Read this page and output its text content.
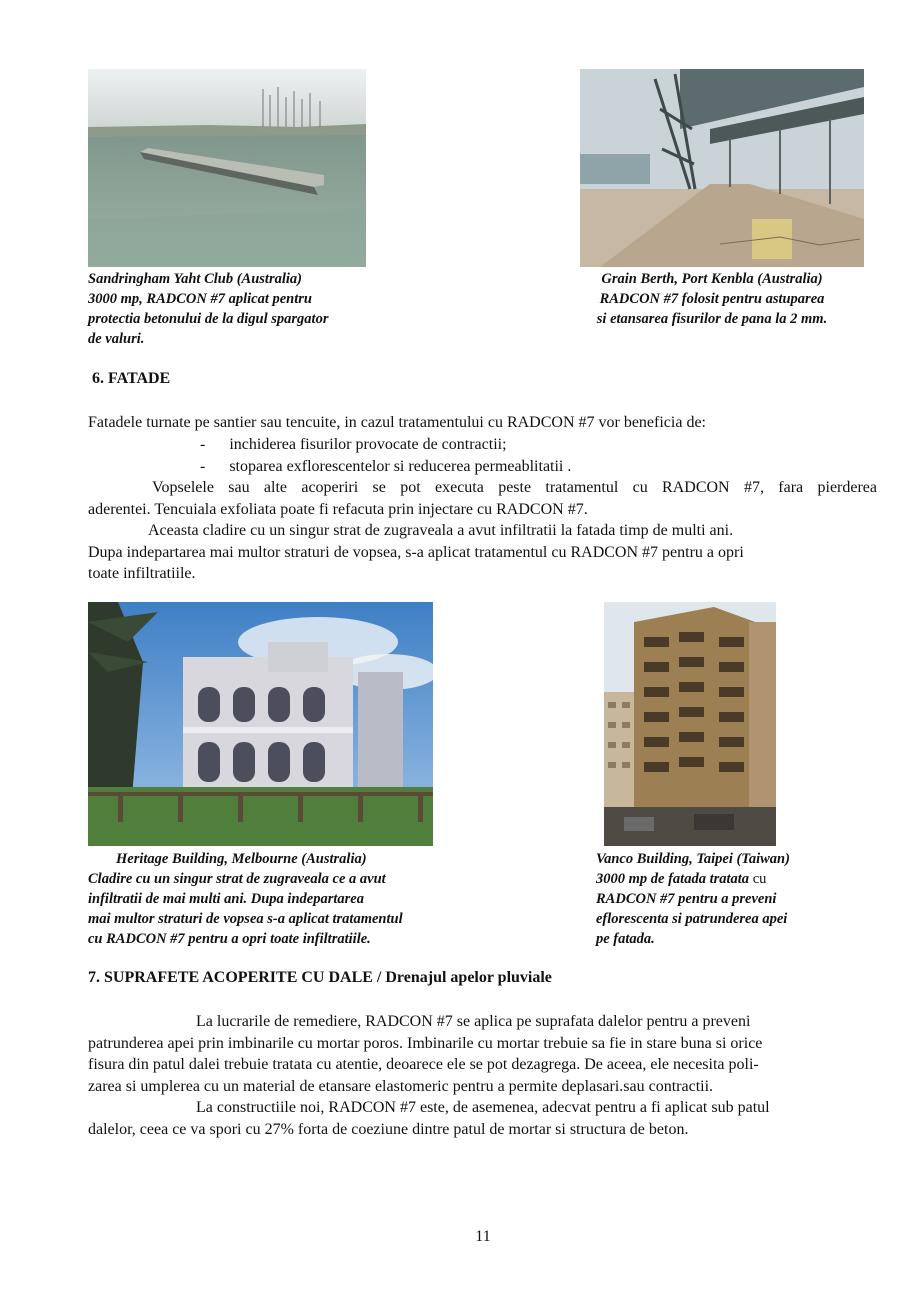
Sandringham Yaht Club (Australia)
3000 mp, RADCON #7 aplicat pentru
protectia betonului de la digul spargator
de valuri.
Grain Berth, Port Kenbla (Australia)
RADCON #7 folosit pentru astuparea
si etansarea fisurilor de pana la 2 mm.
6. FATADE
Fatadele turnate pe santier sau tencuite, in cazul tratamentului cu RADCON #7 vor beneficia de:
- inchiderea fisurilor provocate de contractii;
- stoparea exflorescentelor si reducerea permeablitatii .
Vopselele sau alte acoperiri se pot executa peste tratamentul cu RADCON #7, fara pierderea
aderentei. Tencuiala exfoliata poate fi refacuta prin injectare cu RADCON #7.
Aceasta cladire cu un singur strat de zugraveala a avut infiltratii la fatada timp de multi ani.
Dupa indepartarea mai multor straturi de vopsea, s-a aplicat tratamentul cu RADCON #7 pentru a opri
toate infiltratiile.
Heritage Building, Melbourne (Australia)
Cladire cu un singur strat de zugraveala ce a avut
infiltratii de mai multi ani. Dupa indepartarea
mai multor straturi de vopsea s-a aplicat tratamentul
cu RADCON #7 pentru a opri toate infiltratiile.
Vanco Building, Taipei (Taiwan)
3000 mp de fatada tratata cu
RADCON #7 pentru a preveni
eflorescenta si patrunderea apei
pe fatada.
7. SUPRAFETE ACOPERITE CU DALE / Drenajul apelor pluviale
La lucrarile de remediere, RADCON #7 se aplica pe suprafata dalelor pentru a preveni
patrunderea apei prin imbinarile cu mortar poros. Imbinarile cu mortar trebuie sa fie in stare buna si orice
fisura din patul dalei trebuie tratata cu atentie, deoarece ele se pot dezagrega. De aceea, ele necesita poli-
zarea si umplerea cu un material de etansare elastomeric pentru a permite deplasari.sau contractii.
La constructiile noi, RADCON #7 este, de asemenea, adecvat pentru a fi aplicat sub patul
dalelor, ceea ce va spori cu 27% forta de coeziune dintre patul de mortar si structura de beton.
11
